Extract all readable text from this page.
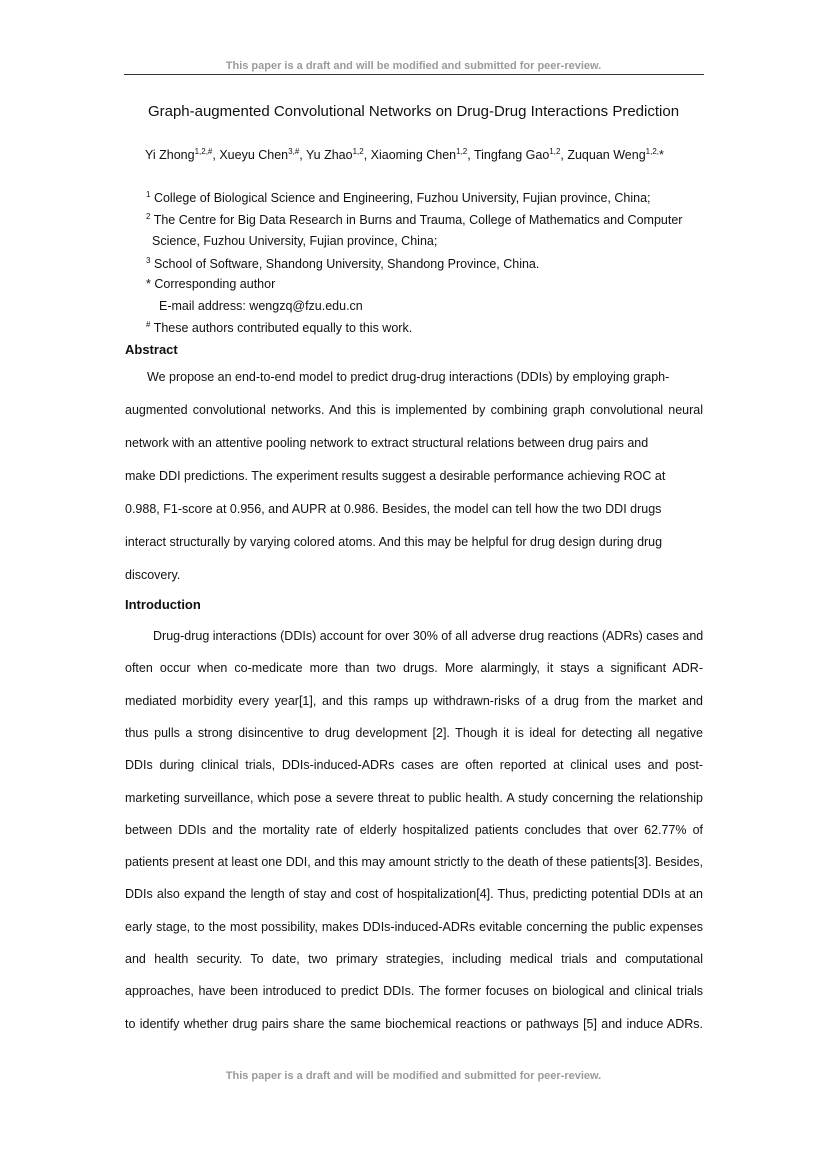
This paper is a draft and will be modified and submitted for peer-review.
Graph-augmented Convolutional Networks on Drug-Drug Interactions Prediction
Yi Zhong$^{1,2,\#}$, Xueyu Chen$^{3,\#}$, Yu Zhao$^{1,2}$, Xiaoming Chen$^{1,2}$, Tingfang Gao$^{1,2}$, Zuquan Weng$^{1,2,}$*
$^1$ College of Biological Science and Engineering, Fuzhou University, Fujian province, China;
$^2$ The Centre for Big Data Research in Burns and Trauma, College of Mathematics and Computer
Science, Fuzhou University, Fujian province, China;
$^3$ School of Software, Shandong University, Shandong Province, China.
* Corresponding author
E-mail address: wengzq@fzu.edu.cn
# These authors contributed equally to this work.
Abstract
We propose an end-to-end model to predict drug-drug interactions (DDIs) by employing graph-
augmented convolutional networks. And this is implemented by combining graph convolutional neural
network with an attentive pooling network to extract structural relations between drug pairs and
make DDI predictions. The experiment results suggest a desirable performance achieving ROC at
0.988, F1-score at 0.956, and AUPR at 0.986. Besides, the model can tell how the two DDI drugs
interact structurally by varying colored atoms. And this may be helpful for drug design during drug
discovery.
Introduction
Drug-drug interactions (DDIs) account for over 30% of all adverse drug reactions (ADRs) cases and
often occur when co-medicate more than two drugs. More alarmingly, it stays a significant ADR-
mediated morbidity every year[1], and this ramps up withdrawn-risks of a drug from the market and
thus pulls a strong disincentive to drug development [2]. Though it is ideal for detecting all negative
DDIs during clinical trials, DDIs-induced-ADRs cases are often reported at clinical uses and post-
marketing surveillance, which pose a severe threat to public health. A study concerning the relationship
between DDIs and the mortality rate of elderly hospitalized patients concludes that over 62.77% of
patients present at least one DDI, and this may amount strictly to the death of these patients[3]. Besides,
DDIs also expand the length of stay and cost of hospitalization[4]. Thus, predicting potential DDIs at an
early stage, to the most possibility, makes DDIs-induced-ADRs evitable concerning the public expenses
and health security. To date, two primary strategies, including medical trials and computational
approaches, have been introduced to predict DDIs. The former focuses on biological and clinical trials
to identify whether drug pairs share the same biochemical reactions or pathways [5] and induce ADRs.
This paper is a draft and will be modified and submitted for peer-review.
